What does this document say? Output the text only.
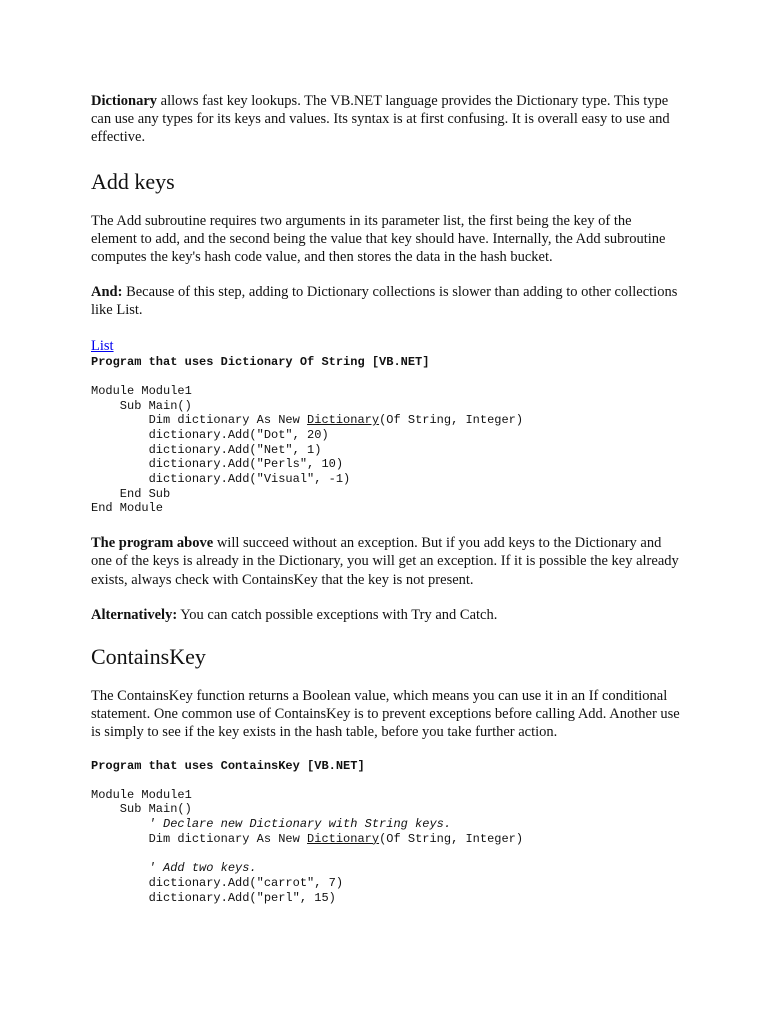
Dictionary allows fast key lookups. The VB.NET language provides the Dictionary type. This type can use any types for its keys and values. Its syntax is at first confusing. It is overall easy to use and effective.

Add keys

The Add subroutine requires two arguments in its parameter list, the first being the key of the element to add, and the second being the value that key should have. Internally, the Add subroutine computes the key's hash code value, and then stores the data in the hash bucket.

And: Because of this step, adding to Dictionary collections is slower than adding to other collections like List.

List
Program that uses Dictionary Of String [VB.NET]
Module Module1
Sub Main()
Dim dictionary As New Dictionary(Of String, Integer)
dictionary.Add("Dot", 20)
dictionary.Add("Net", 1)
dictionary.Add("Perls", 10)
dictionary.Add("Visual", -1)
End Sub
End Module

The program above will succeed without an exception. But if you add keys to the Dictionary and one of the keys is already in the Dictionary, you will get an exception. If it is possible the key already exists, always check with ContainsKey that the key is not present.

Alternatively: You can catch possible exceptions with Try and Catch.

ContainsKey

The ContainsKey function returns a Boolean value, which means you can use it in an If conditional statement. One common use of ContainsKey is to prevent exceptions before calling Add. Another use is simply to see if the key exists in the hash table, before you take further action.

Program that uses ContainsKey [VB.NET]
Module Module1
Sub Main()
' Declare new Dictionary with String keys.
Dim dictionary As New Dictionary(Of String, Integer)

' Add two keys.
dictionary.Add("carrot", 7)
dictionary.Add("perl", 15)
